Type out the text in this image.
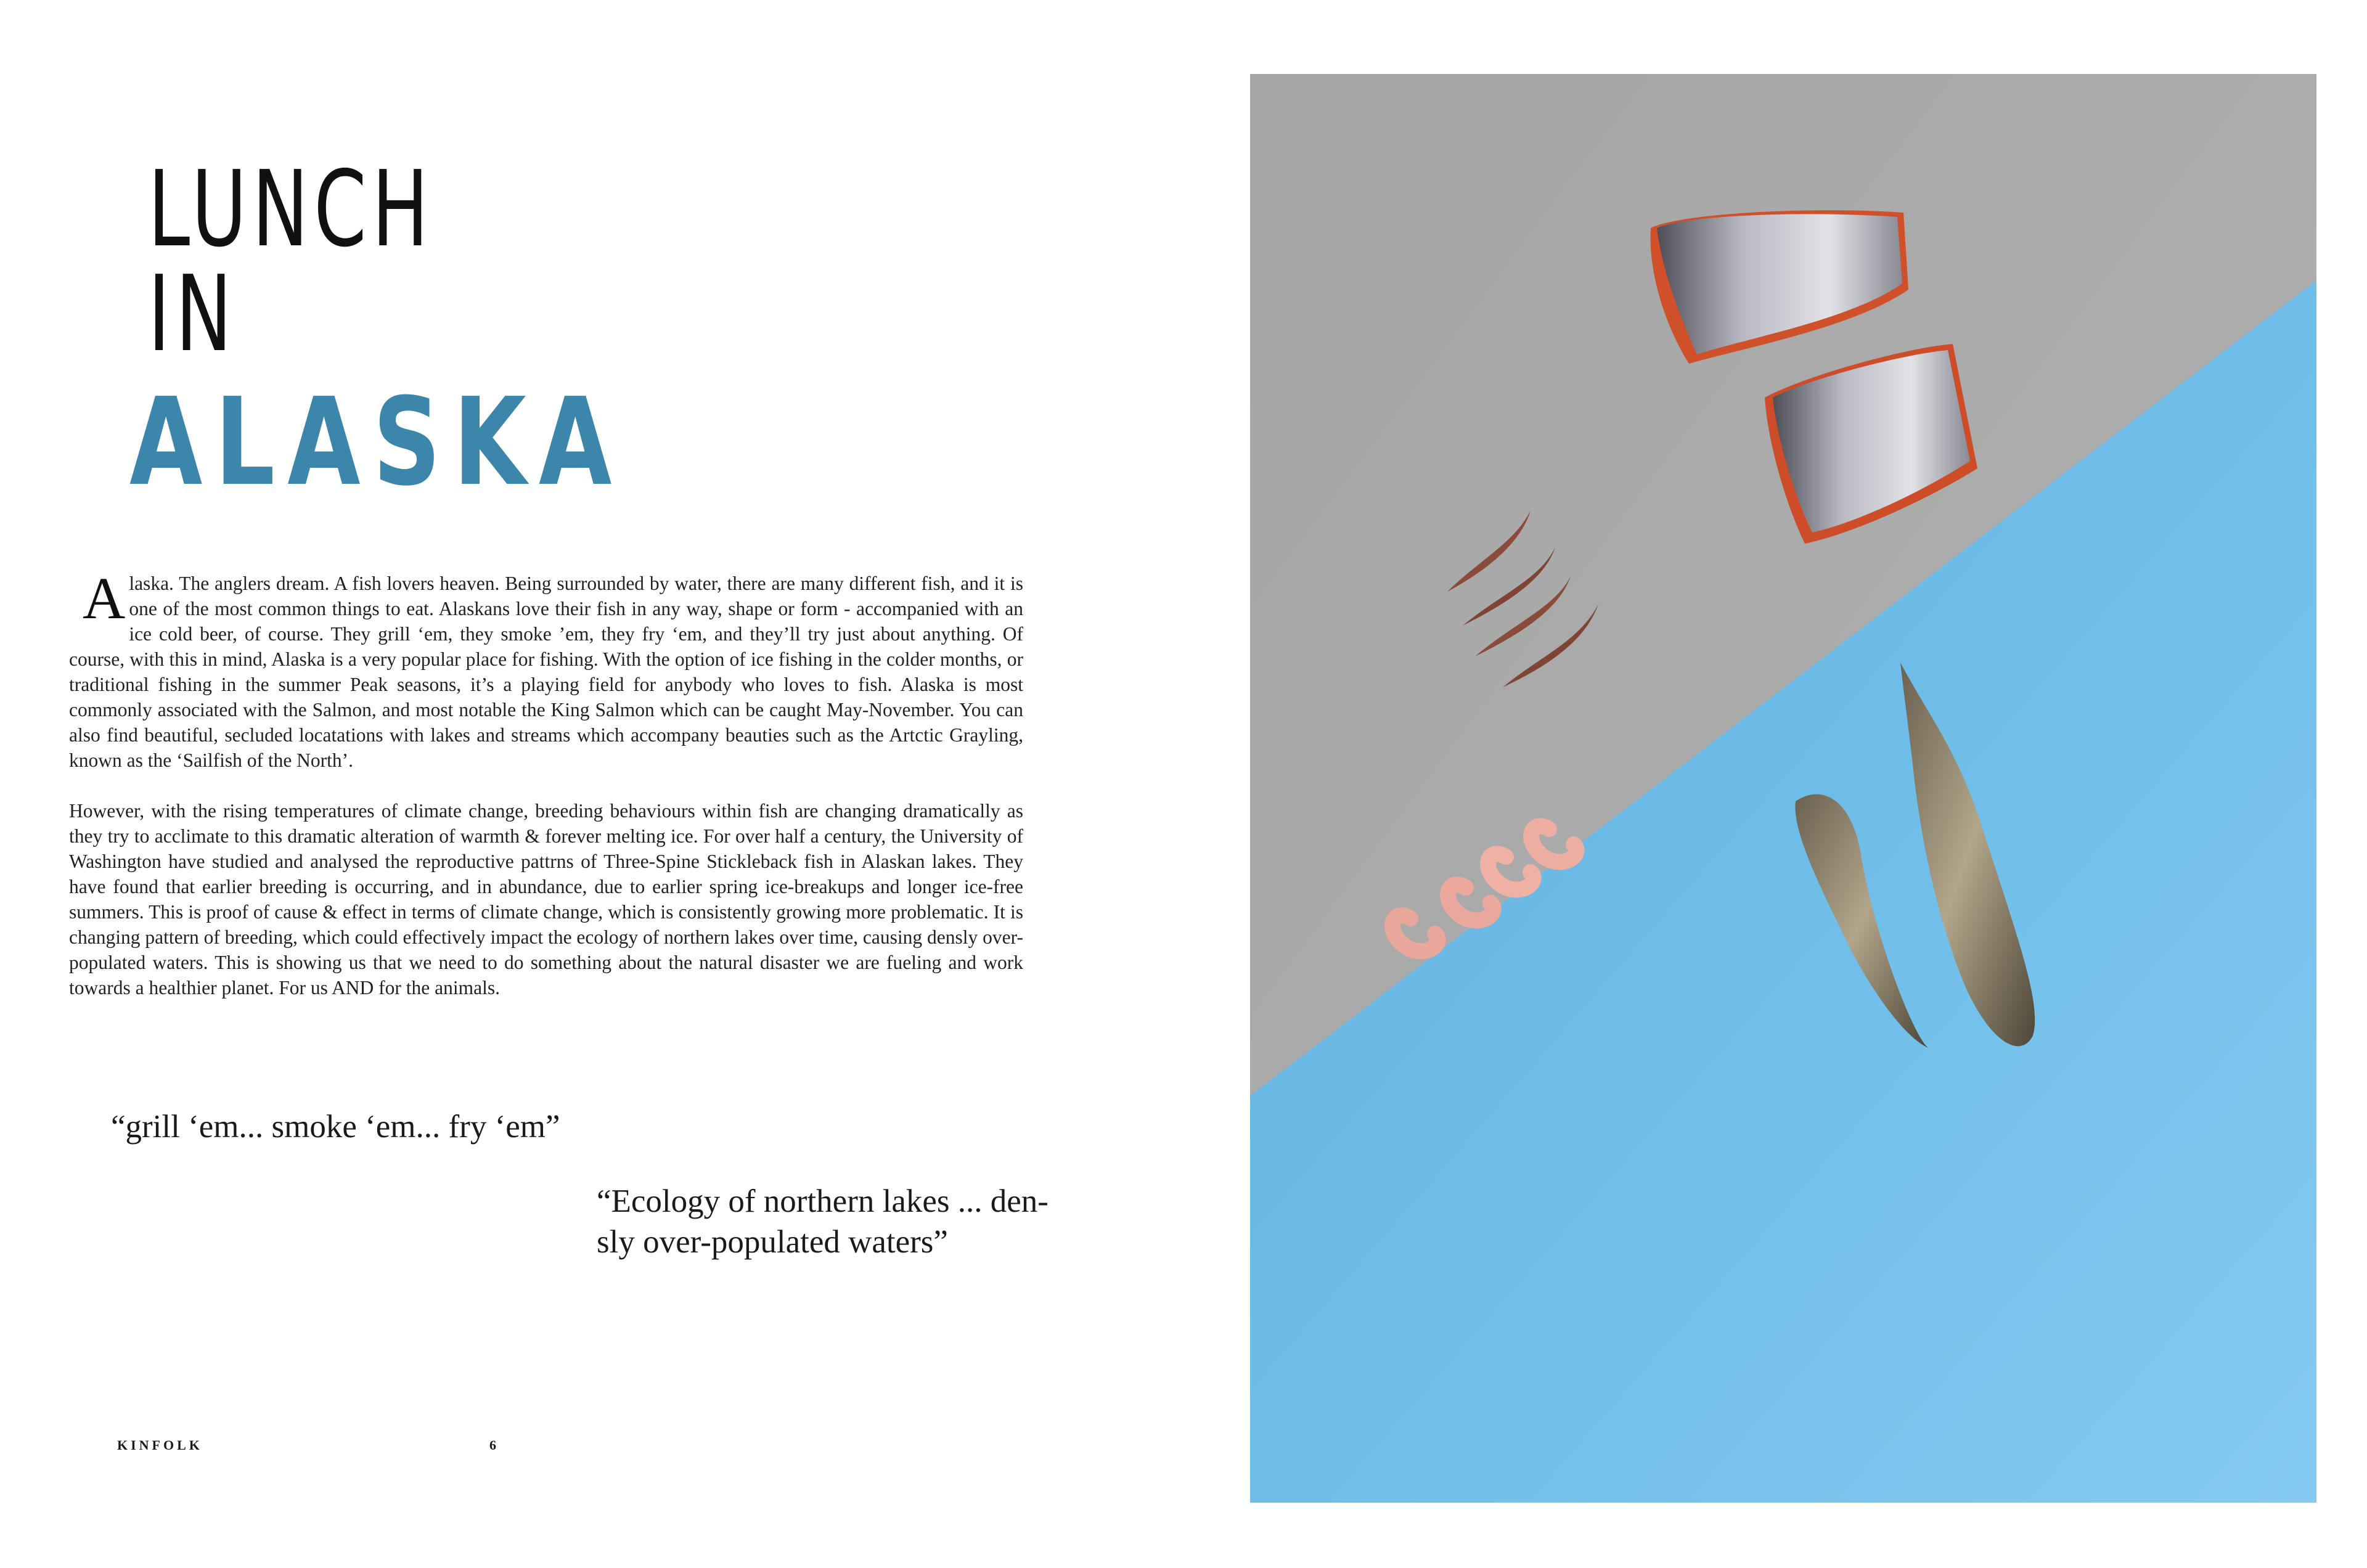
LUNCH IN
ALASKA

Alaska. The anglers dream. A fish lovers heaven. Being surrounded by water, there are many different fish, and it is one of the most common things to eat. Alaskans love their fish in any way, shape or form - accompanied with an ice cold beer, of course. They grill ‘em, they smoke ’em, they fry ‘em, and they’ll try just about anything. Of course, with this in mind, Alaska is a very popular place for fishing. With the option of ice fishing in the colder months, or traditional fishing in the summer Peak seasons, it’s a playing field for anybody who loves to fish. Alaska is most commonly associated with the Salmon, and most notable the King Salmon which can be caught May-November. You can also find beautiful, secluded locatations with lakes and streams which accompany beauties such as the Artctic Grayling, known as the ‘Sailfish of the North’.

However, with the rising temperatures of climate change, breeding behaviours within fish are changing dramatically as they try to acclimate to this dramatic alteration of warmth & forever melting ice. For over half a century, the University of Washington have studied and analysed the reproductive pattrns of Three-Spine Stickleback fish in Alaskan lakes. They have found that earlier breeding is occurring, and in abundance, due to earlier spring ice-breakups and longer ice-free summers. This is proof of cause & effect in terms of climate change, which is consistently growing more problematic. It is changing pattern of breeding, which could effectively impact the ecology of northern lakes over time, causing densly over-populated waters. This is showing us that we need to do something about the natural disaster we are fueling and work towards a healthier planet. For us AND for the animals.

“grill ‘em... smoke ‘em... fry ‘em”
“Ecology of northern lakes ... den-
sly over-populated waters”
KINFOLK	6
